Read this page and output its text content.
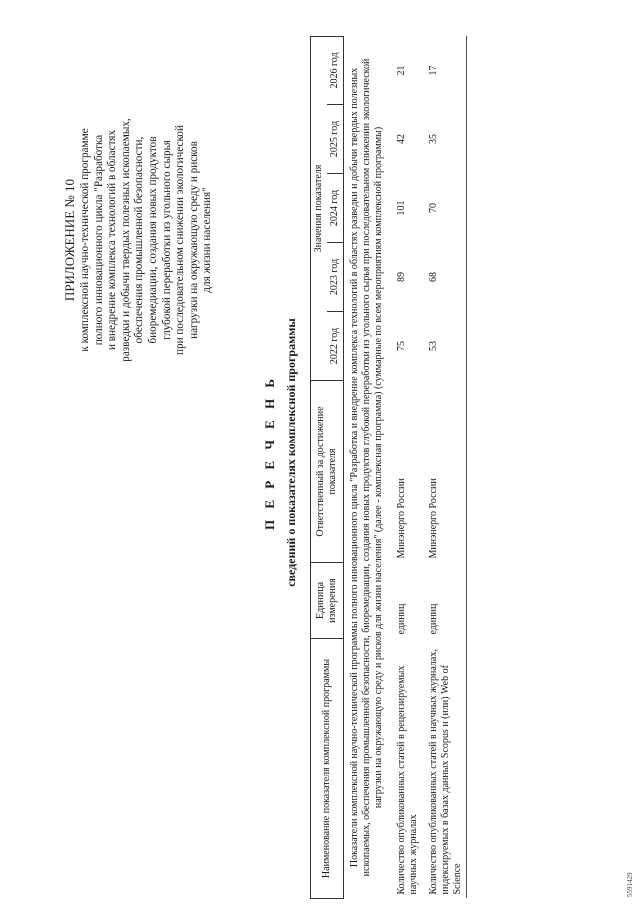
ПРИЛОЖЕНИЕ № 10 к комплексной научно-технической программе полного инновационного цикла "Разработка и внедрение комплекса технологий в областях разведки и добычи твердых полезных ископаемых, обеспечения промышленной безопасности, биоремедиации, создания новых продуктов глубокой переработки из угольного сырья при последовательном снижении экологической нагрузки на окружающую среду и рисков для жизни населения"
П Е Р Е Ч Е Н Ь сведений о показателях комплексной программы
Наименование показателя комплексной программы	Единица измерения	Ответственный за достижение показателя	Значения показателя				
			2022 год	2023 год	2024 год	2025 год	2026 год
Показатели комплексной научно-технической программы полного инновационного цикла "Разработка и внедрение комплекса технологий в областях разведки и добычи твердых полезных ископаемых, обеспечения промышленной безопасности, биоремедиации, создания новых продуктов глубокой переработки из угольного сырья при последовательном снижении экологической нагрузки на окружающую среду и рисков для жизни населения" (далее - комплексная программа) (суммарные по всем мероприятиям комплексной программы)							
Количество опубликованных статей в рецензируемых научных журналах	единиц	Минэнерго России	75	89	101	42	21
Количество опубликованных статей в научных журналах, индексируемых в базах данных Scopus и (или) Web of Science	единиц	Минэнерго России	53	68	70	35	17
5591429
